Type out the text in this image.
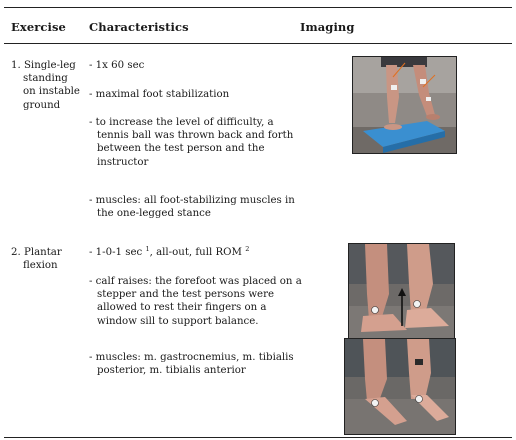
Exercise Characteristics	Imaging
1. Single-leg
standing
on instable
ground
- 1x 60 sec
- maximal foot stabilization
- to increase the level of difficulty, a tennis ball was thrown back and forth between the test person and the instructor
- muscles: all foot-stabilizing muscles in the one-legged stance
2. Plantar
flexion
- 1-0-1 sec $^1$, all-out, full ROM $^2$
- calf raises: the forefoot was placed on a stepper and the test persons were allowed to rest their fingers on a window sill to support balance.
- muscles: m. gastrocnemius, m. tibialis posterior, m. tibialis anterior
